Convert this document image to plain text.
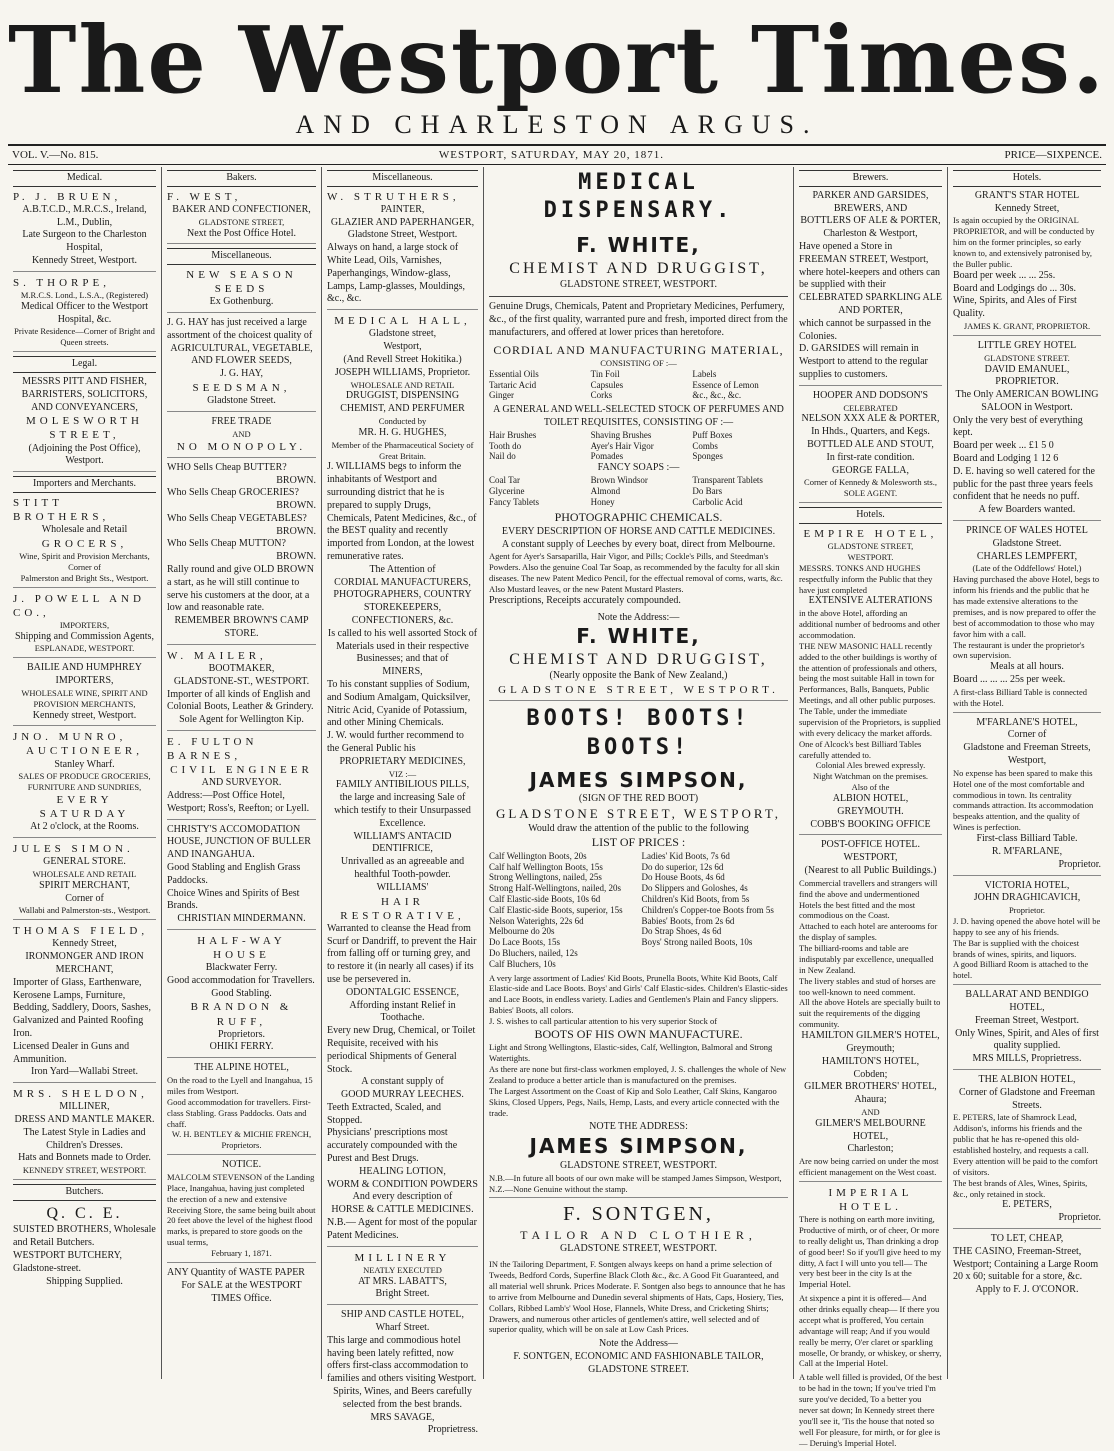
The Westport Times.
AND CHARLESTON ARGUS.
VOL. V.—No. 815.	WESTPORT, SATURDAY, MAY 20, 1871.	PRICE—SIXPENCE.
Medical.
P. J. BRUEN,
A.B.T.C.D., M.R.C.S., Ireland,
L.M., Dublin,
Late Surgeon to the Charleston Hospital,
Kennedy Street, Westport.
S. THORPE,
M.R.C.S. Lond., L.S.A., (Registered)
Medical Officer to the Westport Hospital, &c.
Private Residence—Corner of Bright and Queen streets.
Legal.
MESSRS PITT AND FISHER,
BARRISTERS, SOLICITORS,
AND CONVEYANCERS,
MOLESWORTH STREET,
(Adjoining the Post Office),
Westport.
Importers and Merchants.
STITT BROTHERS,
Wholesale and Retail
GROCERS,
Wine, Spirit and Provision Merchants, Corner of
Palmerston and Bright Sts., Westport.
J. POWELL AND CO.,
IMPORTERS,
Shipping and Commission Agents,
ESPLANADE, WESTPORT.
BAILIE AND HUMPHREY IMPORTERS,
WHOLESALE WINE, SPIRIT AND PROVISION MERCHANTS,
Kennedy street, Westport.
JNO. MUNRO,
AUCTIONEER,
Stanley Wharf.
SALES OF PRODUCE GROCERIES, FURNITURE AND SUNDRIES,
EVERY SATURDAY
At 2 o'clock, at the Rooms.
JULES SIMON.
GENERAL STORE.
WHOLESALE AND RETAIL
SPIRIT MERCHANT,
Corner of
Wallabi and Palmerston-sts., Westport.
THOMAS FIELD,
Kennedy Street,
IRONMONGER AND IRON
MERCHANT,
Importer of Glass, Earthenware, Kerosene Lamps, Furniture, Bedding, Saddlery, Doors, Sashes, Galvanized and Painted Roofing Iron.
Licensed Dealer in Guns and Ammunition.
Iron Yard—Wallabi Street.
MRS. SHELDON,
MILLINER,
DRESS AND MANTLE MAKER.
The Latest Style in Ladies and Children's Dresses.
Hats and Bonnets made to Order.
KENNEDY STREET, WESTPORT.
Butchers.
Q. C. E.
SUISTED BROTHERS, Wholesale and Retail Butchers.
WESTPORT BUTCHERY, Gladstone-street.
Shipping Supplied.
Bakers.
F. WEST,
BAKER AND CONFECTIONER,
GLADSTONE STREET,
Next the Post Office Hotel.
Miscellaneous.
NEW SEASON SEEDS
Ex Gothenburg.
J. G. HAY has just received a large assortment of the choicest quality of
AGRICULTURAL, VEGETABLE, AND FLOWER SEEDS,
J. G. HAY,
SEEDSMAN,
Gladstone Street.
FREE TRADE
AND
NO MONOPOLY.
WHO Sells Cheap BUTTER?
BROWN.
Who Sells Cheap GROCERIES?
BROWN.
Who Sells Cheap VEGETABLES?
BROWN.
Who Sells Cheap MUTTON?
BROWN.
Rally round and give OLD BROWN a start, as he will still continue to serve his customers at the door, at a low and reasonable rate.
REMEMBER BROWN'S CAMP STORE.
W. MAILER,
BOOTMAKER,
GLADSTONE-ST., WESTPORT.
Importer of all kinds of English and Colonial Boots, Leather & Grindery.
Sole Agent for Wellington Kip.
E. FULTON BARNES,
CIVIL ENGINEER
AND SURVEYOR.
Address:—Post Office Hotel, Westport; Ross's, Reefton; or Lyell.
CHRISTY'S ACCOMODATION HOUSE, JUNCTION OF BULLER AND INANGAHUA.
Good Stabling and English Grass Paddocks.
Choice Wines and Spirits of Best Brands.
CHRISTIAN MINDERMANN.
HALF-WAY HOUSE
Blackwater Ferry.
Good accommodation for Travellers.
Good Stabling.
BRANDON & RUFF,
Proprietors.
OHIKI FERRY.
THE ALPINE HOTEL,
On the road to the Lyell and Inangahua, 15 miles from Westport.
Good accommodation for travellers. First-class Stabling. Grass Paddocks. Oats and chaff.
W. H. BENTLEY & MICHIE FRENCH, Proprietors.
NOTICE.
MALCOLM STEVENSON of the Landing Place, Inangahua, having just completed the erection of a new and extensive Receiving Store, the same being built about 20 feet above the level of the highest flood marks, is prepared to store goods on the usual terms,
February 1, 1871.
ANY Quantity of WASTE PAPER
For SALE at the WESTPORT TIMES Office.
Miscellaneous.
W. STRUTHERS,
PAINTER,
GLAZIER AND PAPERHANGER,
Gladstone Street, Westport.
Always on hand, a large stock of White Lead, Oils, Varnishes, Paperhangings, Window-glass, Lamps, Lamp-glasses, Mouldings, &c., &c.
MEDICAL HALL,
Gladstone street,
Westport,
(And Revell Street Hokitika.)
JOSEPH WILLIAMS, Proprietor.
WHOLESALE AND RETAIL
DRUGGIST, DISPENSING CHEMIST, AND PERFUMER
Conducted by
MR. H. G. HUGHES,
Member of the Pharmaceutical Society of Great Britain.
J. WILLIAMS begs to inform the inhabitants of Westport and surrounding district that he is prepared to supply Drugs, Chemicals, Patent Medicines, &c., of the BEST quality and recently imported from London, at the lowest remunerative rates.
The Attention of
CORDIAL MANUFACTURERS, PHOTOGRAPHERS, COUNTRY STOREKEEPERS, CONFECTIONERS, &c.
Is called to his well assorted Stock of Materials used in their respective Businesses; and that of
MINERS,
To his constant supplies of Sodium, and Sodium Amalgam, Quicksilver, Nitric Acid, Cyanide of Potassium, and other Mining Chemicals.
J. W. would further recommend to the General Public his
PROPRIETARY MEDICINES,
VIZ :—
FAMILY ANTIBILIOUS PILLS,
the large and increasing Sale of which testify to their Unsurpassed Excellence.
WILLIAM'S ANTACID DENTIFRICE,
Unrivalled as an agreeable and healthful Tooth-powder.
WILLIAMS'
HAIR RESTORATIVE,
Warranted to cleanse the Head from Scurf or Dandriff, to prevent the Hair from falling off or turning grey, and to restore it (in nearly all cases) if its use be persevered in.
ODONTALGIC ESSENCE,
Affording instant Relief in Toothache.
Every new Drug, Chemical, or Toilet Requisite, received with his periodical Shipments of General Stock.
A constant supply of
GOOD MURRAY LEECHES.
Teeth Extracted, Scaled, and Stopped.
Physicians' prescriptions most accurately compounded with the Purest and Best Drugs.
HEALING LOTION,
WORM & CONDITION POWDERS
And every description of
HORSE & CATTLE MEDICINES.
N.B.— Agent for most of the popular Patent Medicines.
MILLINERY
NEATLY EXECUTED
AT MRS. LABATT'S,
Bright Street.
SHIP AND CASTLE HOTEL,
Wharf Street.
This large and commodious hotel having been lately refitted, now offers first-class accommodation to families and others visiting Westport.
Spirits, Wines, and Beers carefully selected from the best brands.
MRS SAVAGE,
Proprietress.
MEDICAL DISPENSARY.
F. WHITE,
CHEMIST AND DRUGGIST,
GLADSTONE STREET, WESTPORT.
Genuine Drugs, Chemicals, Patent and Proprietary Medicines, Perfumery, &c., of the first quality, warranted pure and fresh, imported direct from the manufacturers, and offered at lower prices than heretofore.
CORDIAL AND MANUFACTURING MATERIAL,
CONSISTING OF :—
Essential Oils	Tin Foil	Labels
Tartaric Acid	Capsules	Essence of Lemon
Ginger	Corks	&c., &c., &c.
A GENERAL AND WELL-SELECTED STOCK OF PERFUMES AND TOILET REQUISITES, CONSISTING OF :—
Hair Brushes	Shaving Brushes	Puff Boxes
Tooth do	Ayer's Hair Vigor	Combs
Nail do	Pomades	Sponges
FANCY SOAPS :—
Coal Tar	Brown Windsor	Transparent Tablets
Glycerine	Almond	Do Bars
Fancy Tablets	Honey	Carbolic Acid
PHOTOGRAPHIC CHEMICALS.
EVERY DESCRIPTION OF HORSE AND CATTLE MEDICINES.
A constant supply of Leeches by every boat, direct from Melbourne.
Agent for Ayer's Sarsaparilla, Hair Vigor, and Pills; Cockle's Pills, and Steedman's Powders. Also the genuine Coal Tar Soap, as recommended by the faculty for all skin diseases. The new Patent Medico Pencil, for the effectual removal of corns, warts, &c. Also Mustard leaves, or the new Patent Mustard Plasters.
Prescriptions, Receipts accurately compounded.
Note the Address:—
F. WHITE,
CHEMIST AND DRUGGIST,
(Nearly opposite the Bank of New Zealand,)
GLADSTONE STREET, WESTPORT.
BOOTS! BOOTS! BOOTS!
JAMES SIMPSON,
(SIGN OF THE RED BOOT)
GLADSTONE STREET, WESTPORT,
Would draw the attention of the public to the following
LIST OF PRICES :
Calf Wellington Boots, 20s	Ladies' Kid Boots, 7s 6d
Calf half Wellington Boots, 15s	Do do superior, 12s 6d
Strong Wellingtons, nailed, 25s	Do House Boots, 4s 6d
Strong Half-Wellingtons, nailed, 20s	Do Slippers and Goloshes, 4s
Calf Elastic-side Boots, 10s 6d	Children's Kid Boots, from 5s
Calf Elastic-side Boots, superior, 15s	Children's Copper-toe Boots from 5s
Nelson Waterights, 22s 6d	Babies' Boots, from 2s 6d
Melbourne do 20s	Do Strap Shoes, 4s 6d
Do Lace Boots, 15s	Boys' Strong nailed Boots, 10s
Do Bluchers, nailed, 12s
Calf Bluchers, 10s
A very large assortment of Ladies' Kid Boots, Prunella Boots, White Kid Boots, Calf Elastic-side and Lace Boots. Boys' and Girls' Calf Elastic-sides. Children's Elastic-sides and Lace Boots, in endless variety. Ladies and Gentlemen's Plain and Fancy slippers. Babies' Boots, all colors.
J. S. wishes to call particular attention to his very superior Stock of
BOOTS OF HIS OWN MANUFACTURE.
Light and Strong Wellingtons, Elastic-sides, Calf, Wellington, Balmoral and Strong Watertights.
As there are none but first-class workmen employed, J. S. challenges the whole of New Zealand to produce a better article than is manufactured on the premises.
The Largest Assortment on the Coast of Kip and Solo Leather, Calf Skins, Kangaroo Skins, Closed Uppers, Pegs, Nails, Hemp, Lasts, and every article connected with the trade.
NOTE THE ADDRESS:
JAMES SIMPSON,
GLADSTONE STREET, WESTPORT.
N.B.—In future all boots of our own make will be stamped James Simpson, Westport, N.Z.—None Genuine without the stamp.
F. SONTGEN,
TAILOR AND CLOTHIER,
GLADSTONE STREET, WESTPORT.
IN the Tailoring Department, F. Sontgen always keeps on hand a prime selection of Tweeds, Bedford Cords, Superfine Black Cloth &c., &c. A Good Fit Guaranteed, and all material well shrunk. Prices Moderate. F. Sontgen also begs to announce that he has to arrive from Melbourne and Dunedin several shipments of Hats, Caps, Hosiery, Ties, Collars, Ribbed Lamb's' Wool Hose, Flannels, White Dress, and Cricketing Shirts; Drawers, and numerous other articles of gentlemen's attire, well selected and of superior quality, which will be on sale at Low Cash Prices.
Note the Address—
F. SONTGEN, ECONOMIC AND FASHIONABLE TAILOR,
GLADSTONE STREET.
Brewers.
PARKER AND GARSIDES,
BREWERS, AND
BOTTLERS OF ALE & PORTER,
Charleston & Westport,
Have opened a Store in FREEMAN STREET, Westport, where hotel-keepers and others can be supplied with their
CELEBRATED SPARKLING ALE AND PORTER,
which cannot be surpassed in the Colonies.
D. GARSIDES will remain in Westport to attend to the regular supplies to customers.
HOOPER AND DODSON'S
CELEBRATED
NELSON XXX ALE & PORTER,
In Hhds., Quarters, and Kegs.
BOTTLED ALE AND STOUT,
In first-rate condition.
GEORGE FALLA,
Corner of Kennedy & Molesworth sts.,
SOLE AGENT.
Hotels.
EMPIRE HOTEL,
GLADSTONE STREET,
WESTPORT.
MESSRS. TONKS AND HUGHES respectfully inform the Public that they have just completed
EXTENSIVE ALTERATIONS
in the above Hotel, affording an additional number of bedrooms and other accommodation.
THE NEW MASONIC HALL recently added to the other buildings is worthy of the attention of professionals and others, being the most suitable Hall in town for Performances, Balls, Banquets, Public Meetings, and all other public purposes.
The Table, under the immediate supervision of the Proprietors, is supplied with every delicacy the market affords.
One of Alcock's best Billiard Tables carefully attended to.
Colonial Ales brewed expressly.
Night Watchman on the premises.
Also of the
ALBION HOTEL, GREYMOUTH.
COBB'S BOOKING OFFICE
POST-OFFICE HOTEL.
WESTPORT,
(Nearest to all Public Buildings.)
Commercial travellers and strangers will find the above and undermentioned Hotels the best fitted and the most commodious on the Coast.
Attached to each hotel are anterooms for the display of samples.
The billiard-rooms and table are indisputably par excellence, unequalled in New Zealand.
The livery stables and stud of horses are too well-known to need comment.
All the above Hotels are specially built to suit the requirements of the digging community.
HAMILTON GILMER'S HOTEL,
Greymouth;
HAMILTON'S HOTEL,
Cobden;
GILMER BROTHERS' HOTEL,
Ahaura;
AND
GILMER'S MELBOURNE HOTEL,
Charleston;
Are now being carried on under the most efficient management on the West coast.
IMPERIAL HOTEL.
There is nothing on earth more inviting, Productive of mirth, or of cheer, Or more to really delight us, Than drinking a drop of good beer! So if you'll give heed to my ditty, A fact I will unto you tell— The very best beer in the city Is at the Imperial Hotel.
At sixpence a pint it is offered— And other drinks equally cheap— If there you accept what is proffered, You certain advantage will reap; And if you would really be merry, O'er claret or sparkling moselle, Or brandy, or whiskey, or sherry, Call at the Imperial Hotel.
A table well filled is provided, Of the best to be had in the town; If you've tried I'm sure you've decided, To a better you never sat down; In Kennedy street there you'll see it, 'Tis the house that noted so well For pleasure, for mirth, or for glee is— Deruing's Imperial Hotel.
Hotels.
GRANT'S STAR HOTEL
Kennedy Street,
Is again occupied by the ORIGINAL PROPRIETOR, and will be conducted by him on the former principles, so early known to, and extensively patronised by, the Buller public.
Board per week ... ... 25s.
Board and Lodgings do ... 30s.
Wine, Spirits, and Ales of First Quality.
JAMES K. GRANT, PROPRIETOR.
LITTLE GREY HOTEL
GLADSTONE STREET.
DAVID EMANUEL, PROPRIETOR.
The Only AMERICAN BOWLING SALOON in Westport.
Only the very best of everything kept.
Board per week ... £1 5 0
Board and Lodging 1 12 6
D. E. having so well catered for the public for the past three years feels confident that he needs no puff.
A few Boarders wanted.
PRINCE OF WALES HOTEL
Gladstone Street.
CHARLES LEMPFERT,
(Late of the Oddfellows' Hotel,)
Having purchased the above Hotel, begs to inform his friends and the public that he has made extensive alterations to the premises, and is now prepared to offer the best of accommodation to those who may favor him with a call.
The restaurant is under the proprietor's own supervision.
Meals at all hours.
Board ... ... ... 25s per week.
A first-class Billiard Table is connected with the Hotel.
M'FARLANE'S HOTEL,
Corner of
Gladstone and Freeman Streets,
Westport,
No expense has been spared to make this Hotel one of the most comfortable and commodious in town. Its centrality commands attraction. Its accommodation bespeaks attention, and the quality of Wines is perfection.
First-class Billiard Table.
R. M'FARLANE,
Proprietor.
VICTORIA HOTEL,
JOHN DRAGHICAVICH,
Proprietor.
J. D. having opened the above hotel will be happy to see any of his friends.
The Bar is supplied with the choicest brands of wines, spirits, and liquors.
A good Billiard Room is attached to the hotel.
BALLARAT AND BENDIGO
HOTEL,
Freeman Street, Westport.
Only Wines, Spirit, and Ales of first quality supplied.
MRS MILLS, Proprietress.
THE ALBION HOTEL,
Corner of Gladstone and Freeman Streets.
E. PETERS, late of Shamrock Lead, Addison's, informs his friends and the public that he has re-opened this old-established hostelry, and requests a call.
Every attention will be paid to the comfort of visitors.
The best brands of Ales, Wines, Spirits, &c., only retained in stock.
E. PETERS,
Proprietor.
TO LET, CHEAP,
THE CASINO, Freeman-Street,
Westport; Containing a Large Room
20 x 60; suitable for a store, &c.
Apply to F. J. O'CONOR.
